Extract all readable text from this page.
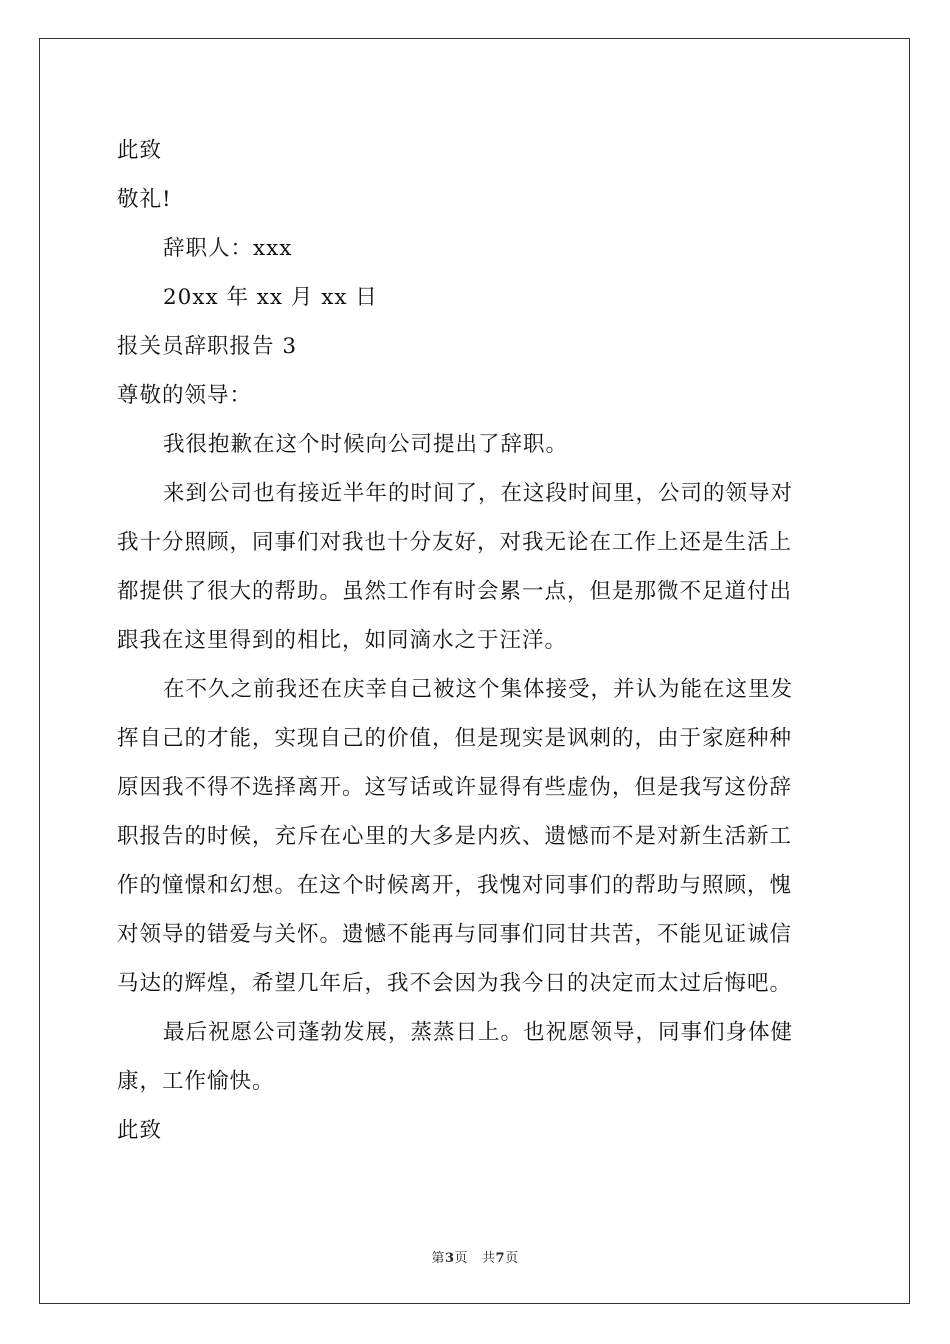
此致
敬礼!
辞职人：xxx
20xx 年 xx 月 xx 日
报关员辞职报告 3
尊敬的领导：
我很抱歉在这个时候向公司提出了辞职。
来到公司也有接近半年的时间了，在这段时间里，公司的领导对
我十分照顾，同事们对我也十分友好，对我无论在工作上还是生活上
都提供了很大的帮助。虽然工作有时会累一点，但是那微不足道付出
跟我在这里得到的相比，如同滴水之于汪洋。
在不久之前我还在庆幸自己被这个集体接受，并认为能在这里发
挥自己的才能，实现自己的价值，但是现实是讽刺的，由于家庭种种
原因我不得不选择离开。这写话或许显得有些虚伪，但是我写这份辞
职报告的时候，充斥在心里的大多是内疚、遗憾而不是对新生活新工
作的憧憬和幻想。在这个时候离开，我愧对同事们的帮助与照顾，愧
对领导的错爱与关怀。遗憾不能再与同事们同甘共苦，不能见证诚信
马达的辉煌，希望几年后，我不会因为我今日的决定而太过后悔吧。
最后祝愿公司蓬勃发展，蒸蒸日上。也祝愿领导，同事们身体健
康，工作愉快。
此致
第3页 共7页
